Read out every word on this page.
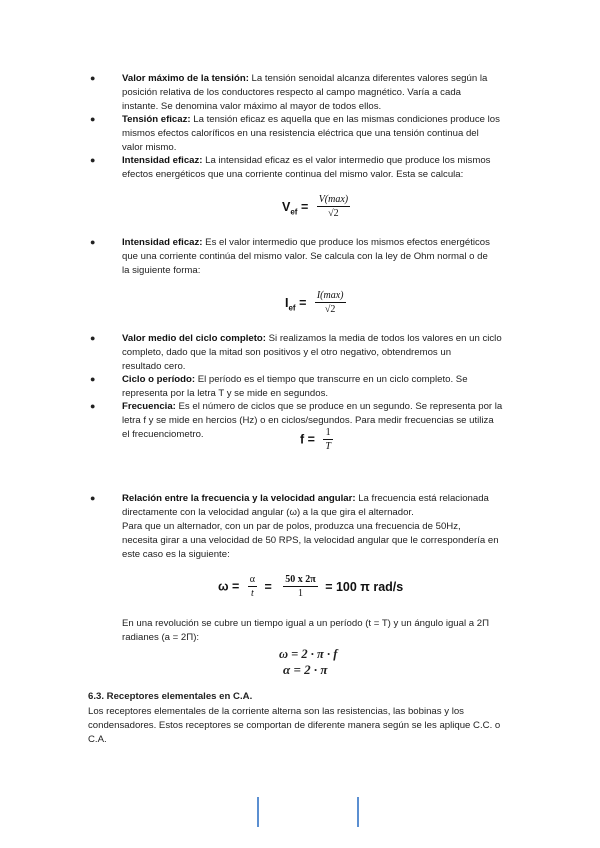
●	Valor máximo de la tensión: La tensión senoidal alcanza diferentes valores según la
posición relativa de los conductores respecto al campo magnético. Varía a cada
instante. Se denomina valor máximo al mayor de todos ellos.
●	Tensión eficaz: La tensión eficaz es aquella que en las mismas condiciones produce los
mismos efectos caloríficos en una resistencia eléctrica que una tensión continua del
valor mismo.
●	Intensidad eficaz: La intensidad eficaz es el valor intermedio que produce los mismos
efectos energéticos que una corriente continua del mismo valor. Esta se calcula:
$V_{ef} = \frac{V(\max)}{√2}$
●	Intensidad eficaz: Es el valor intermedio que produce los mismos efectos energéticos
que una corriente continúa del mismo valor. Se calcula con la ley de Ohm normal o de
la siguiente forma:
$I_{ef} = \frac{I(\max)}{√2}$
●	Valor medio del ciclo completo: Si realizamos la media de todos los valores en un ciclo
completo, dado que la mitad son positivos y el otro negativo, obtendremos un
resultado cero.
●	Ciclo o período: El período es el tiempo que transcurre en un ciclo completo. Se
representa por la letra T y se mide en segundos.
●	Frecuencia: Es el número de ciclos que se produce en un segundo. Se representa por la
letra f y se mide en hercios (Hz) o en ciclos/segundos. Para medir frecuencias se utiliza
el frecuenciometro.	$f = \frac{1}{T}$
●	Relación entre la frecuencia y la velocidad angular: La frecuencia está relacionada
directamente con la velocidad angular (ω) a la que gira el alternador.
Para que un alternador, con un par de polos, produzca una frecuencia de 50Hz,
necesita girar a una velocidad de 50 RPS, la velocidad angular que le correspondería en
este caso es la siguiente:
$\omega = \frac{\alpha}{t} = \frac{50 x 2\pi}{1} = 100$ π rad/s
En una revolución se cubre un tiempo igual a un período (t = T) y un ángulo igual a 2Π
radianes (a = 2Π):
ω = 2 · π · f
α = 2 · π
6.3. Receptores elementales en C.A.
Los receptores elementales de la corriente alterna son las resistencias, las bobinas y los
condensadores. Estos receptores se comportan de diferente manera según se les aplique C.C. o
C.A.
